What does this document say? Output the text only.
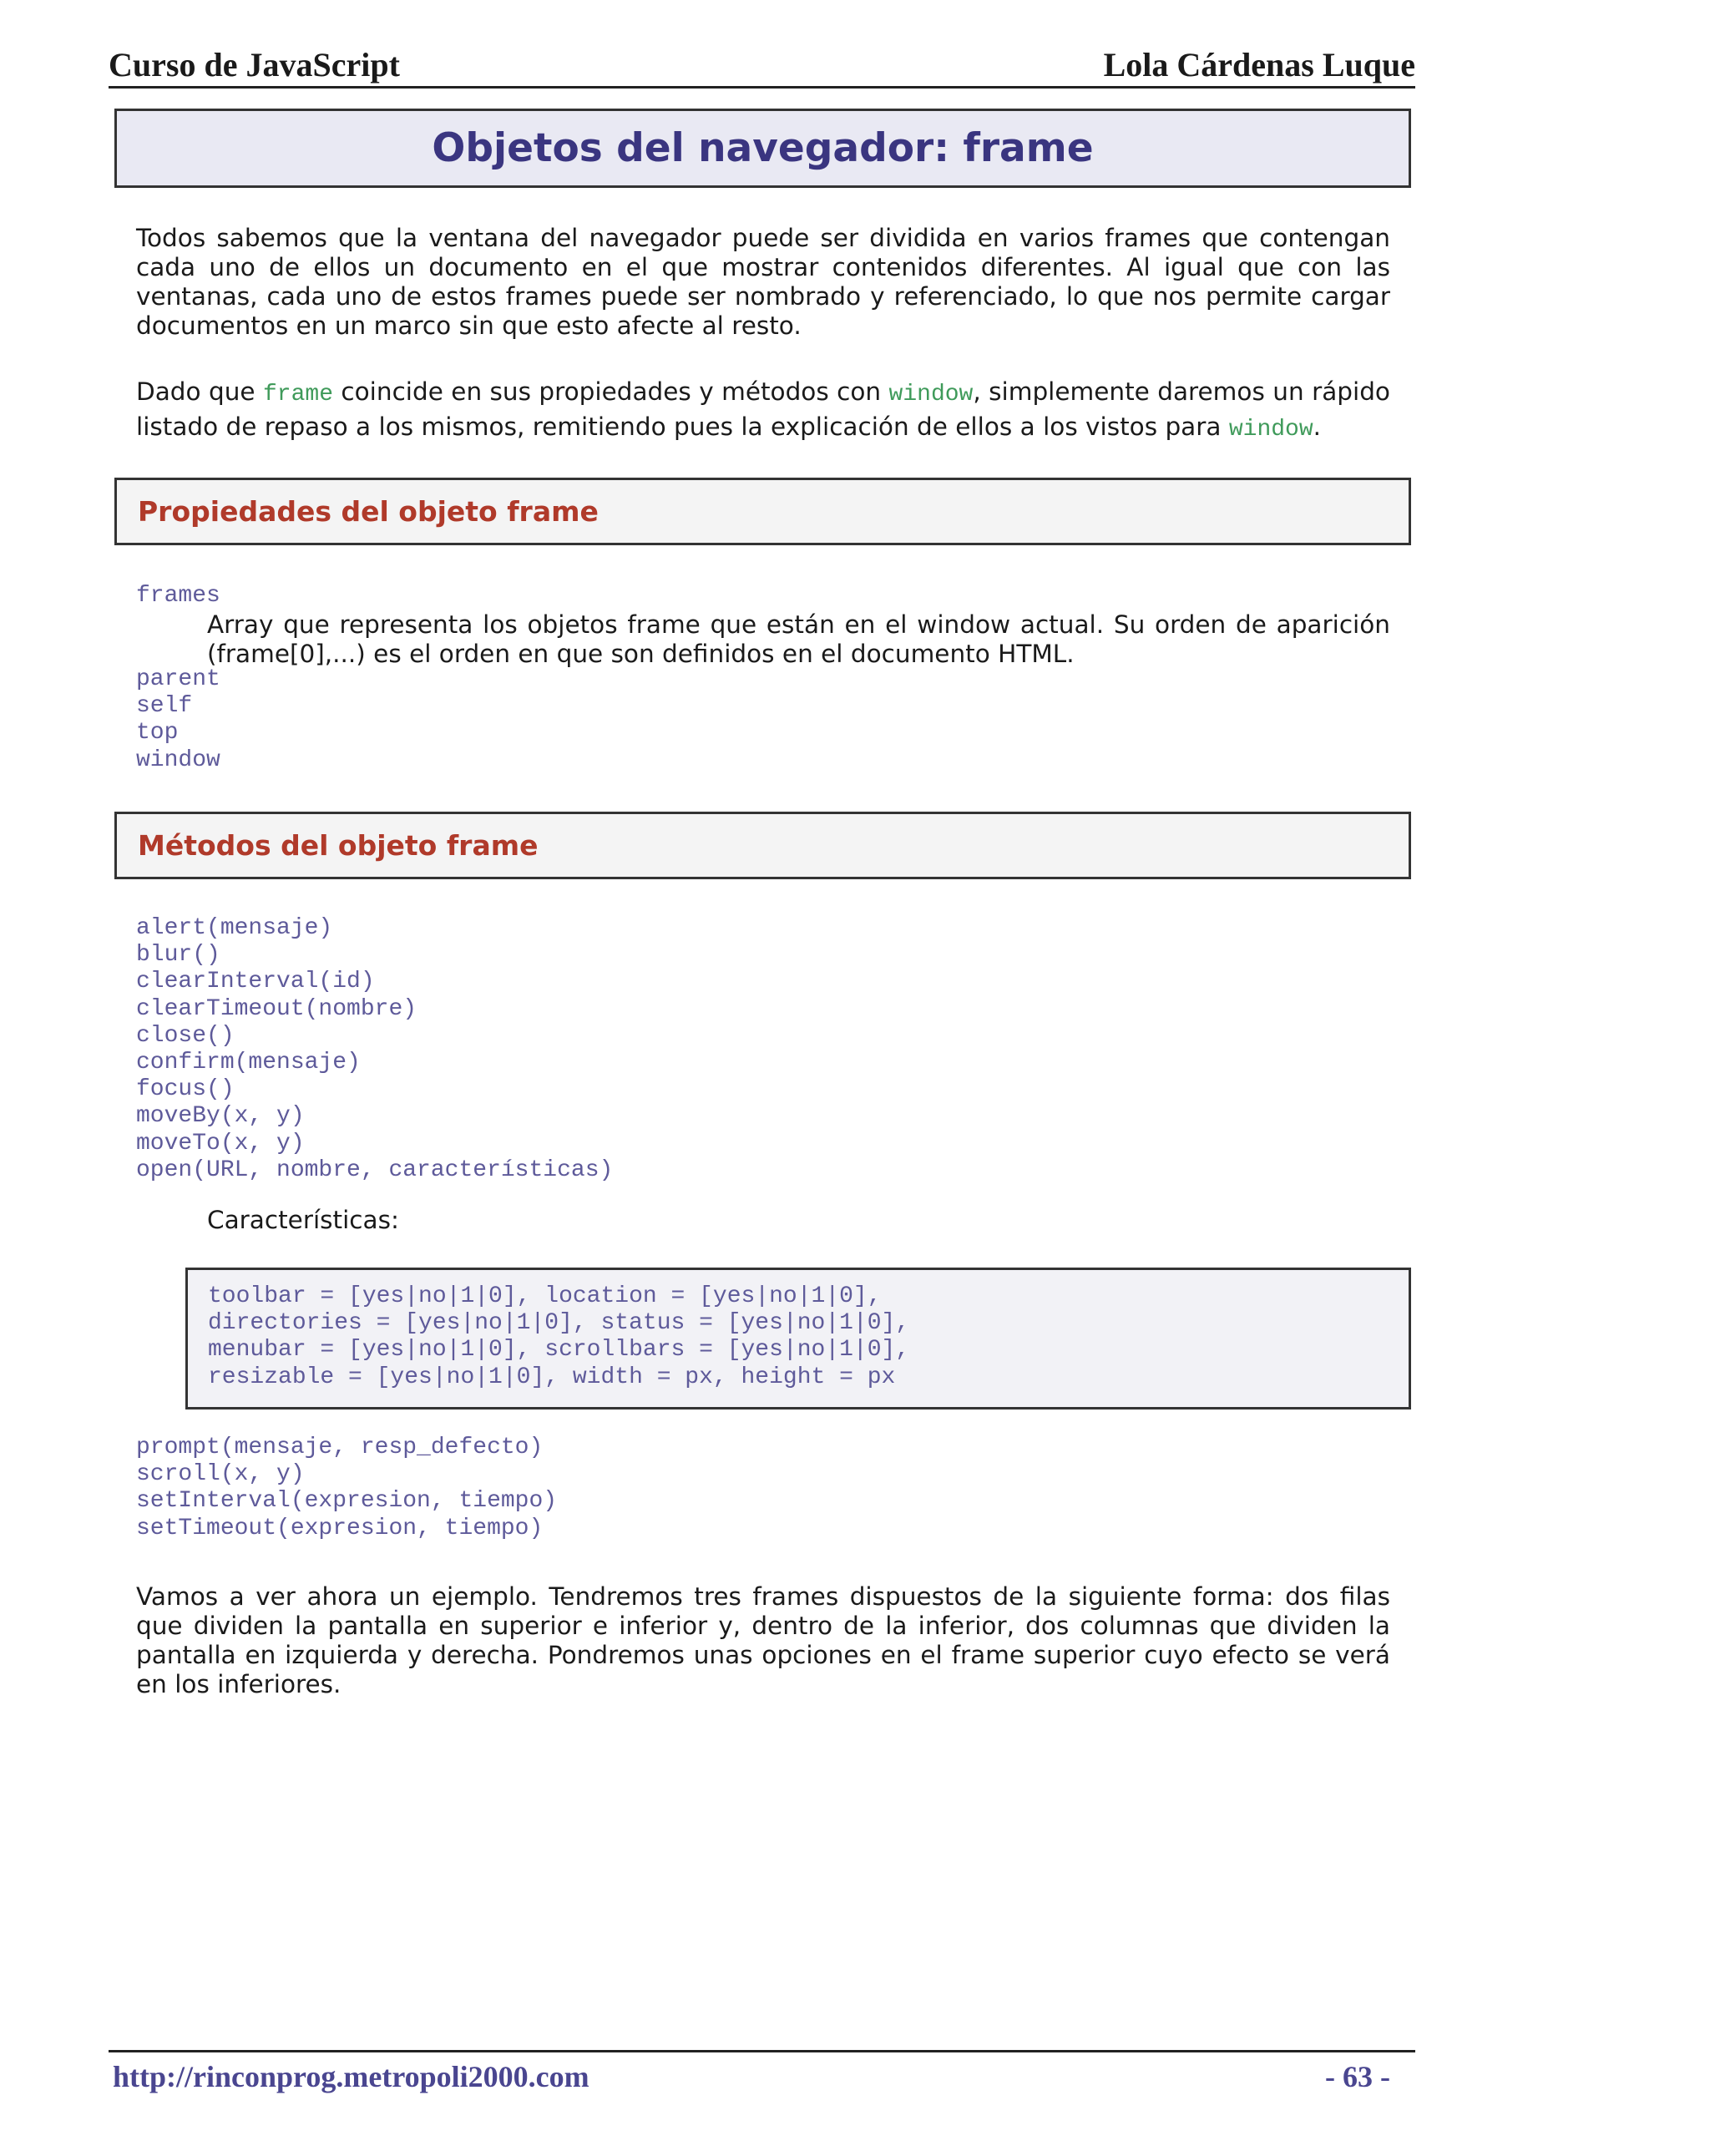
Curso de JavaScript	Lola Cárdenas Luque
Objetos del navegador: frame
Todos sabemos que la ventana del navegador puede ser dividida en varios frames que contengan cada uno de ellos un documento en el que mostrar contenidos diferentes. Al igual que con las ventanas, cada uno de estos frames puede ser nombrado y referenciado, lo que nos permite cargar documentos en un marco sin que esto afecte al resto.
Dado que frame coincide en sus propiedades y métodos con window, simplemente daremos un rápido listado de repaso a los mismos, remitiendo pues la explicación de ellos a los vistos para window.
Propiedades del objeto frame
frames
Array que representa los objetos frame que están en el window actual. Su orden de aparición (frame[0],...) es el orden en que son definidos en el documento HTML.
parent
self
top
window
Métodos del objeto frame
alert(mensaje)
blur()
clearInterval(id)
clearTimeout(nombre)
close()
confirm(mensaje)
focus()
moveBy(x, y)
moveTo(x, y)
open(URL, nombre, características)
Características:
toolbar = [yes|no|1|0], location = [yes|no|1|0],
directories = [yes|no|1|0], status = [yes|no|1|0],
menubar = [yes|no|1|0], scrollbars = [yes|no|1|0],
resizable = [yes|no|1|0], width = px, height = px
prompt(mensaje, resp_defecto)
scroll(x, y)
setInterval(expresion, tiempo)
setTimeout(expresion, tiempo)
Vamos a ver ahora un ejemplo. Tendremos tres frames dispuestos de la siguiente forma: dos filas que dividen la pantalla en superior e inferior y, dentro de la inferior, dos columnas que dividen la pantalla en izquierda y derecha. Pondremos unas opciones en el frame superior cuyo efecto se verá en los inferiores.
http://rinconprog.metropoli2000.com	- 63 -
